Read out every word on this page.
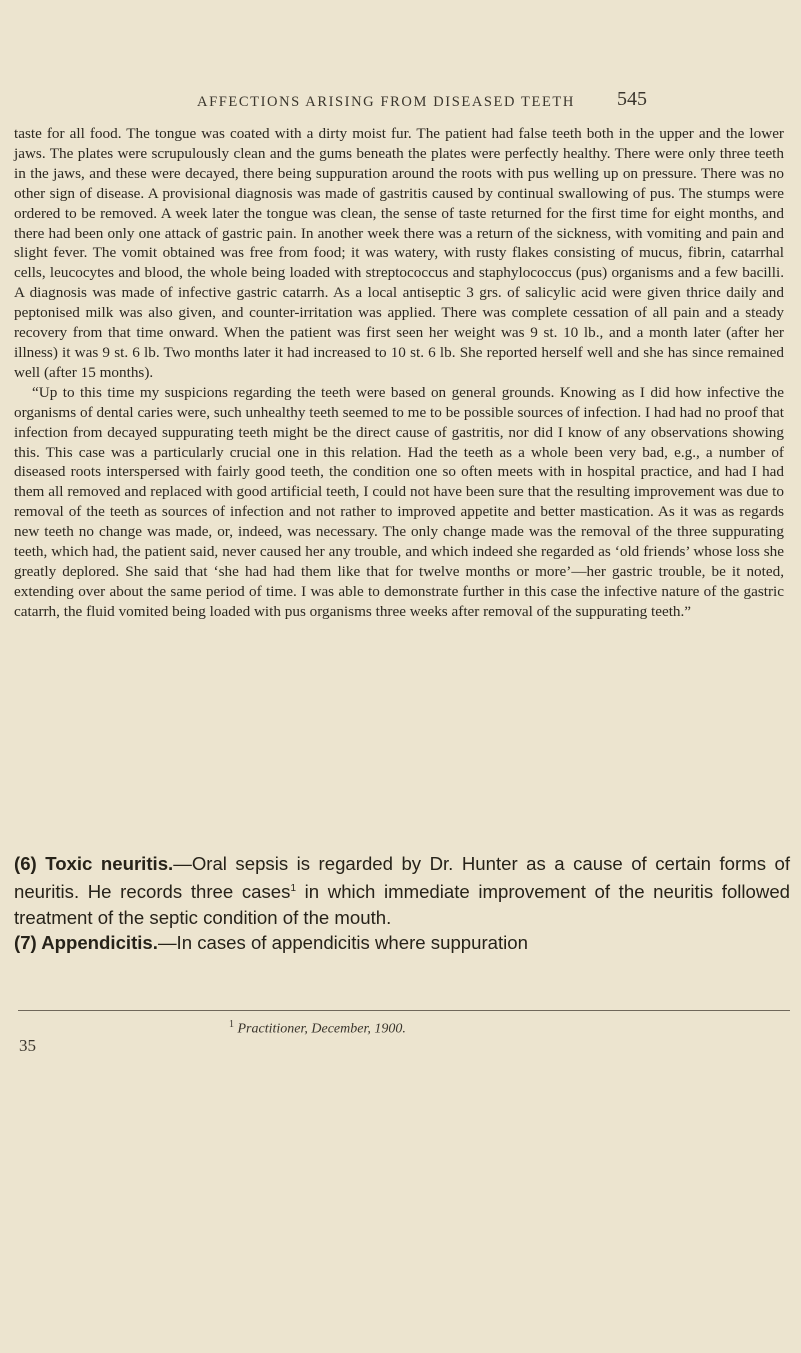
AFFECTIONS ARISING FROM DISEASED TEETH 545

taste for all food. The tongue was coated with a dirty moist fur. The patient had false teeth both in the upper and the lower jaws. The plates were scrupulously clean and the gums beneath the plates were perfectly healthy. There were only three teeth in the jaws, and these were decayed, there being suppuration around the roots with pus welling up on pressure. There was no other sign of disease. A provisional diagnosis was made of gastritis caused by continual swallowing of pus. The stumps were ordered to be removed. A week later the tongue was clean, the sense of taste returned for the first time for eight months, and there had been only one attack of gastric pain. In another week there was a return of the sickness, with vomiting and pain and slight fever. The vomit obtained was free from food; it was watery, with rusty flakes consisting of mucus, fibrin, catarrhal cells, leucocytes and blood, the whole being loaded with streptococcus and staphylococcus (pus) organisms and a few bacilli. A diagnosis was made of infective gastric catarrh. As a local antiseptic 3 grs. of salicylic acid were given thrice daily and peptonised milk was also given, and counter-irritation was applied. There was complete cessation of all pain and a steady recovery from that time onward. When the patient was first seen her weight was 9 st. 10 lb., and a month later (after her illness) it was 9 st. 6 lb. Two months later it had increased to 10 st. 6 lb. She reported herself well and she has since remained well (after 15 months).

“Up to this time my suspicions regarding the teeth were based on general grounds. Knowing as I did how infective the organisms of dental caries were, such unhealthy teeth seemed to me to be possible sources of infection. I had had no proof that infection from decayed suppurating teeth might be the direct cause of gastritis, nor did I know of any observations showing this. This case was a particularly crucial one in this relation. Had the teeth as a whole been very bad, e.g., a number of diseased roots interspersed with fairly good teeth, the condition one so often meets with in hospital practice, and had I had them all removed and replaced with good artificial teeth, I could not have been sure that the resulting improvement was due to removal of the teeth as sources of infection and not rather to improved appetite and better mastication. As it was as regards new teeth no change was made, or, indeed, was necessary. The only change made was the removal of the three suppurating teeth, which had, the patient said, never caused her any trouble, and which indeed she regarded as ‘old friends’ whose loss she greatly deplored. She said that ‘she had had them like that for twelve months or more’—her gastric trouble, be it noted, extending over about the same period of time. I was able to demonstrate further in this case the infective nature of the gastric catarrh, the fluid vomited being loaded with pus organisms three weeks after removal of the suppurating teeth.”

(6) Toxic neuritis.—Oral sepsis is regarded by Dr. Hunter as a cause of certain forms of neuritis. He records three cases$^1$ in which immediate improvement of the neuritis followed treatment of the septic condition of the mouth.

(7) Appendicitis.—In cases of appendicitis where suppuration

$^1$ Practitioner, December, 1900.
35
